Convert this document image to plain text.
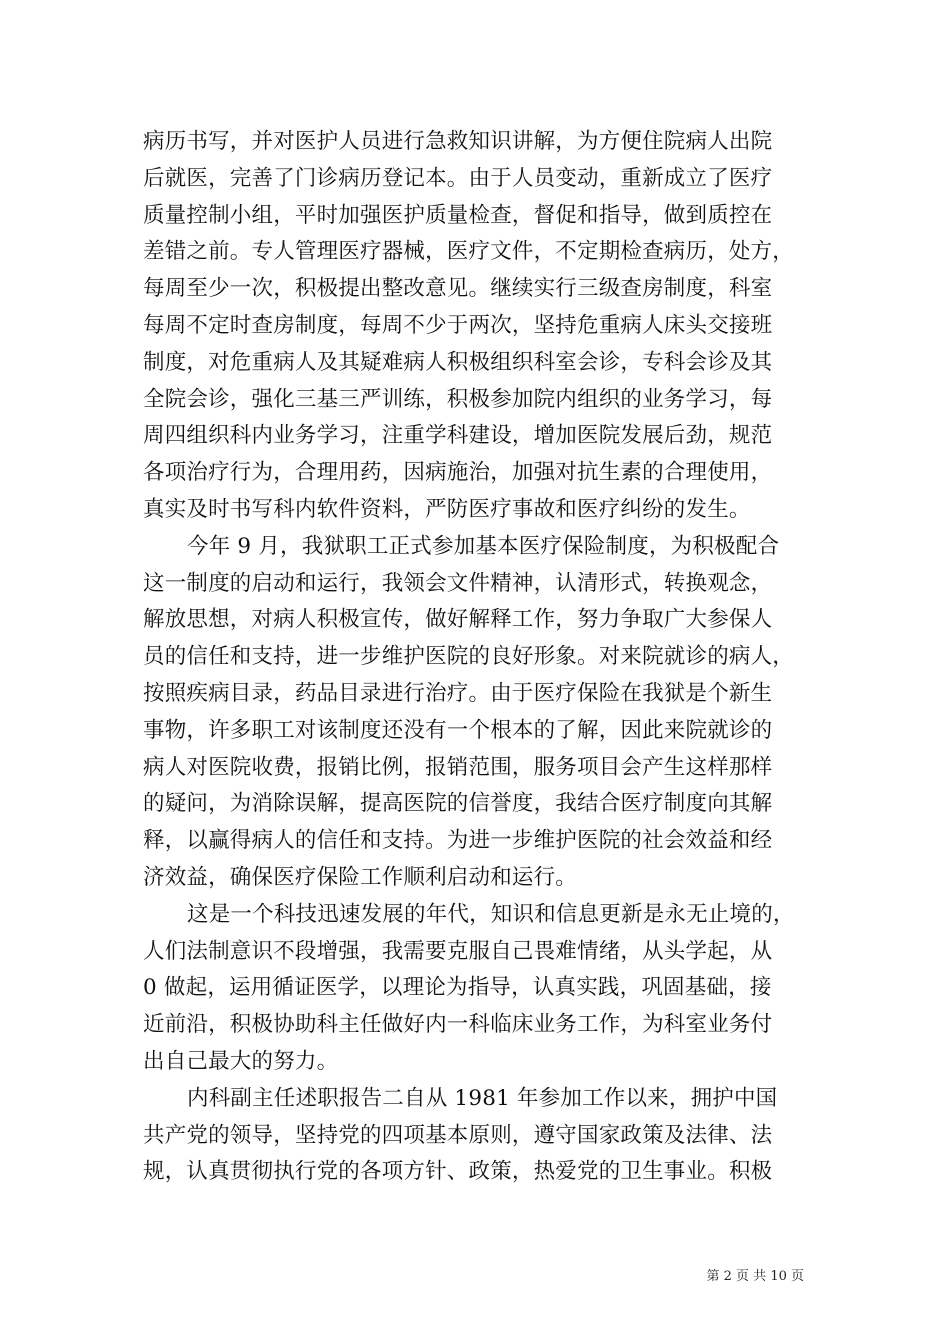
病历书写，并对医护人员进行急救知识讲解，为方便住院病人出院
后就医，完善了门诊病历登记本。由于人员变动，重新成立了医疗
质量控制小组，平时加强医护质量检查，督促和指导，做到质控在
差错之前。专人管理医疗器械，医疗文件，不定期检查病历，处方，
每周至少一次，积极提出整改意见。继续实行三级查房制度，科室
每周不定时查房制度，每周不少于两次，坚持危重病人床头交接班
制度，对危重病人及其疑难病人积极组织科室会诊，专科会诊及其
全院会诊，强化三基三严训练，积极参加院内组织的业务学习，每
周四组织科内业务学习，注重学科建设，增加医院发展后劲，规范
各项治疗行为，合理用药，因病施治，加强对抗生素的合理使用，
真实及时书写科内软件资料，严防医疗事故和医疗纠纷的发生。
今年 9 月，我狱职工正式参加基本医疗保险制度，为积极配合
这一制度的启动和运行，我领会文件精神，认清形式，转换观念，
解放思想，对病人积极宣传，做好解释工作，努力争取广大参保人
员的信任和支持，进一步维护医院的良好形象。对来院就诊的病人，
按照疾病目录，药品目录进行治疗。由于医疗保险在我狱是个新生
事物，许多职工对该制度还没有一个根本的了解，因此来院就诊的
病人对医院收费，报销比例，报销范围，服务项目会产生这样那样
的疑问，为消除误解，提高医院的信誉度，我结合医疗制度向其解
释，以赢得病人的信任和支持。为进一步维护医院的社会效益和经
济效益，确保医疗保险工作顺利启动和运行。
这是一个科技迅速发展的年代，知识和信息更新是永无止境的，
人们法制意识不段增强，我需要克服自己畏难情绪，从头学起，从
0 做起，运用循证医学，以理论为指导，认真实践，巩固基础，接
近前沿，积极协助科主任做好内一科临床业务工作，为科室业务付
出自己最大的努力。
内科副主任述职报告二自从 1981 年参加工作以来，拥护中国
共产党的领导，坚持党的四项基本原则，遵守国家政策及法律、法
规，认真贯彻执行党的各项方针、政策，热爱党的卫生事业。积极
第 2 页 共 10 页
